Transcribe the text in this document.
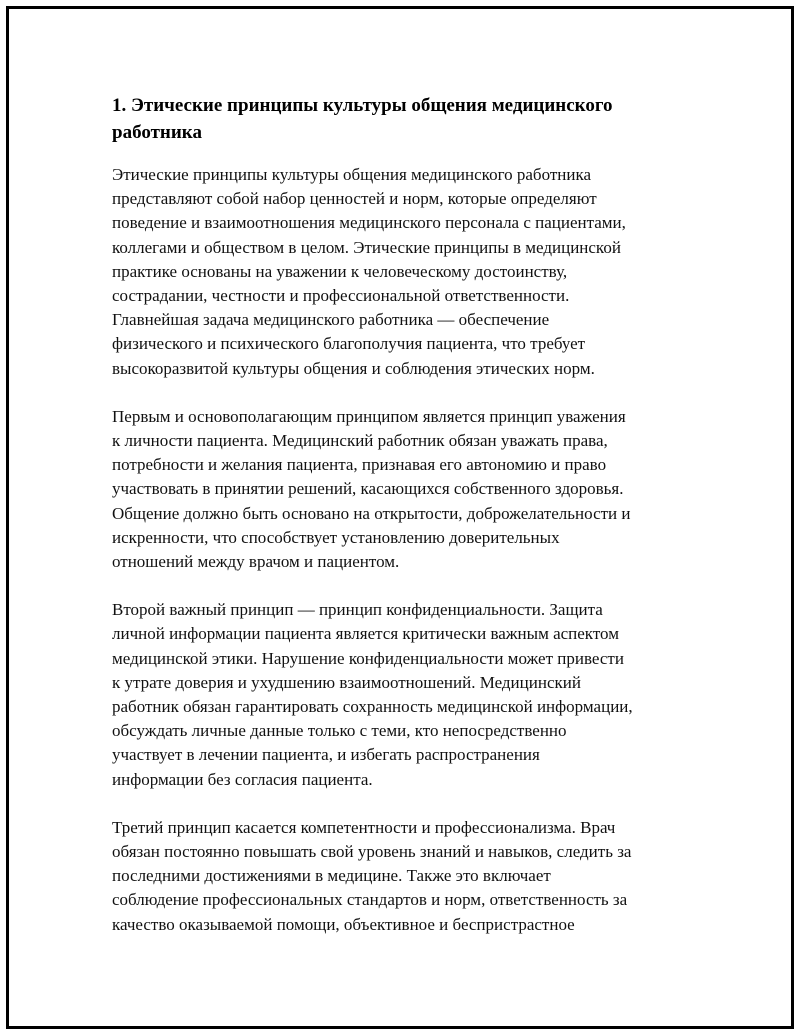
1. Этические принципы культуры общения медицинского
работника

Этические принципы культуры общения медицинского работника
представляют собой набор ценностей и норм, которые определяют
поведение и взаимоотношения медицинского персонала с пациентами,
коллегами и обществом в целом. Этические принципы в медицинской
практике основаны на уважении к человеческому достоинству,
сострадании, честности и профессиональной ответственности.
Главнейшая задача медицинского работника — обеспечение
физического и психического благополучия пациента, что требует
высокоразвитой культуры общения и соблюдения этических норм.

Первым и основополагающим принципом является принцип уважения
к личности пациента. Медицинский работник обязан уважать права,
потребности и желания пациента, признавая его автономию и право
участвовать в принятии решений, касающихся собственного здоровья.
Общение должно быть основано на открытости, доброжелательности и
искренности, что способствует установлению доверительных
отношений между врачом и пациентом.

Второй важный принцип — принцип конфиденциальности. Защита
личной информации пациента является критически важным аспектом
медицинской этики. Нарушение конфиденциальности может привести
к утрате доверия и ухудшению взаимоотношений. Медицинский
работник обязан гарантировать сохранность медицинской информации,
обсуждать личные данные только с теми, кто непосредственно
участвует в лечении пациента, и избегать распространения
информации без согласия пациента.

Третий принцип касается компетентности и профессионализма. Врач
обязан постоянно повышать свой уровень знаний и навыков, следить за
последними достижениями в медицине. Также это включает
соблюдение профессиональных стандартов и норм, ответственность за
качество оказываемой помощи, объективное и беспристрастное
